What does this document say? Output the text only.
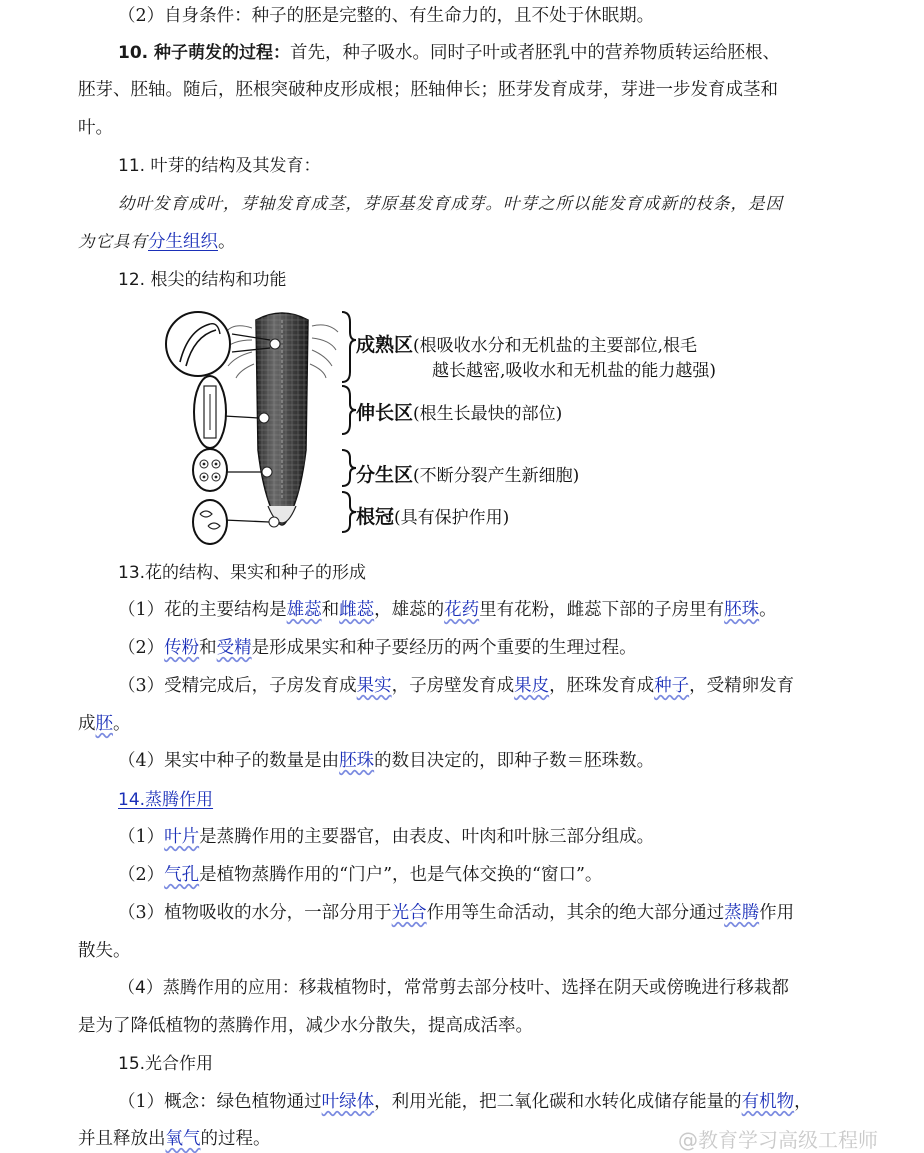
（2）自身条件：种子的胚是完整的、有生命力的，且不处于休眠期。
10. 种子萌发的过程：首先，种子吸水。同时子叶或者胚乳中的营养物质转运给胚根、
胚芽、胚轴。随后，胚根突破种皮形成根；胚轴伸长；胚芽发育成芽，芽进一步发育成茎和
叶。
11. 叶芽的结构及其发育：
幼叶发育成叶，芽轴发育成茎，芽原基发育成芽。叶芽之所以能发育成新的枝条，是因
为它具有分生组织。
12. 根尖的结构和功能
成熟区(根吸收水分和无机盐的主要部位,根毛
越长越密,吸收水和无机盐的能力越强)
伸长区(根生长最快的部位)
分生区(不断分裂产生新细胞)
根冠(具有保护作用)
13.花的结构、果实和种子的形成
（1）花的主要结构是雄蕊和雌蕊，雄蕊的花药里有花粉，雌蕊下部的子房里有胚珠。
（2）传粉和受精是形成果实和种子要经历的两个重要的生理过程。
（3）受精完成后，子房发育成果实，子房壁发育成果皮，胚珠发育成种子，受精卵发育
成胚。
（4）果实中种子的数量是由胚珠的数目决定的，即种子数＝胚珠数。
14.蒸腾作用
（1）叶片是蒸腾作用的主要器官，由表皮、叶肉和叶脉三部分组成。
（2）气孔是植物蒸腾作用的“门户”，也是气体交换的“窗口”。
（3）植物吸收的水分，一部分用于光合作用等生命活动，其余的绝大部分通过蒸腾作用
散失。
（4）蒸腾作用的应用：移栽植物时，常常剪去部分枝叶、选择在阴天或傍晚进行移栽都
是为了降低植物的蒸腾作用，减少水分散失，提高成活率。
15.光合作用
（1）概念：绿色植物通过叶绿体，利用光能，把二氧化碳和水转化成储存能量的有机物，
并且释放出氧气的过程。	@教育学习高级工程师
